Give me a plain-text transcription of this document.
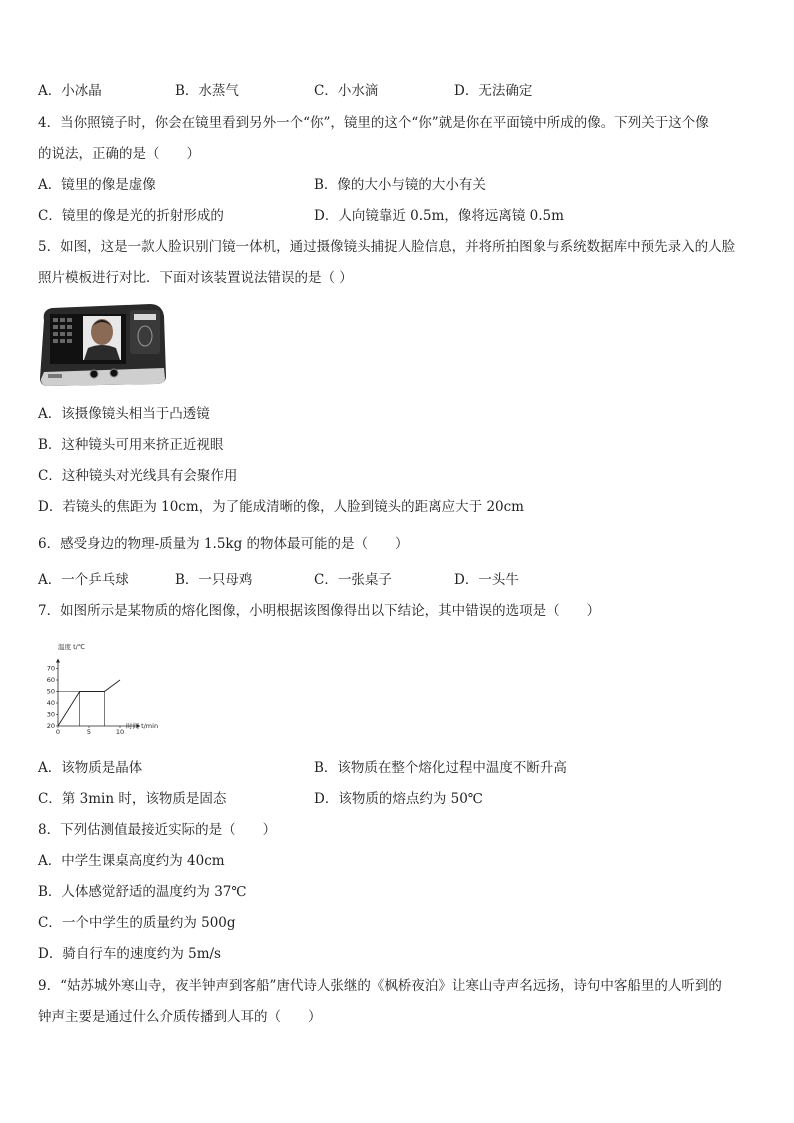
A．小冰晶	B．水蒸气	C．小水滴	D．无法确定
4．当你照镜子时，你会在镜里看到另外一个“你”，镜里的这个“你”就是你在平面镜中所成的像。下列关于这个像
的说法，正确的是（　　）
A．镜里的像是虚像	B．像的大小与镜的大小有关
C．镜里的像是光的折射形成的	D．人向镜靠近 0.5m，像将远离镜 0.5m
5．如图，这是一款人脸识别门镜一体机，通过摄像镜头捕捉人脸信息，并将所拍图象与系统数据库中预先录入的人脸
照片模板进行对比．下面对该装置说法错误的是（ ）
A．该摄像镜头相当于凸透镜
B．这种镜头可用来挤正近视眼
C．这种镜头对光线具有会聚作用
D．若镜头的焦距为 10cm，为了能成清晰的像，人脸到镜头的距离应大于 20cm
6．感受身边的物理-质量为 1.5kg 的物体最可能的是（　　）
A．一个乒乓球	B．一只母鸡	C．一张桌子	D．一头牛
7．如图所示是某物质的熔化图像，小明根据该图像得出以下结论，其中错误的选项是（　　）
20
30
40
50
60
70
0	5	10
温度 t/℃
时间 t/min
A．该物质是晶体	B．该物质在整个熔化过程中温度不断升高
C．第 3min 时，该物质是固态	D．该物质的熔点约为 50℃
8．下列估测值最接近实际的是（　　）
A．中学生课桌高度约为 40cm
B．人体感觉舒适的温度约为 37℃
C．一个中学生的质量约为 500g
D．骑自行车的速度约为 5m/s
9．“姑苏城外寒山寺，夜半钟声到客船”唐代诗人张继的《枫桥夜泊》让寒山寺声名远扬，诗句中客船里的人听到的
钟声主要是通过什么介质传播到人耳的（　　）
